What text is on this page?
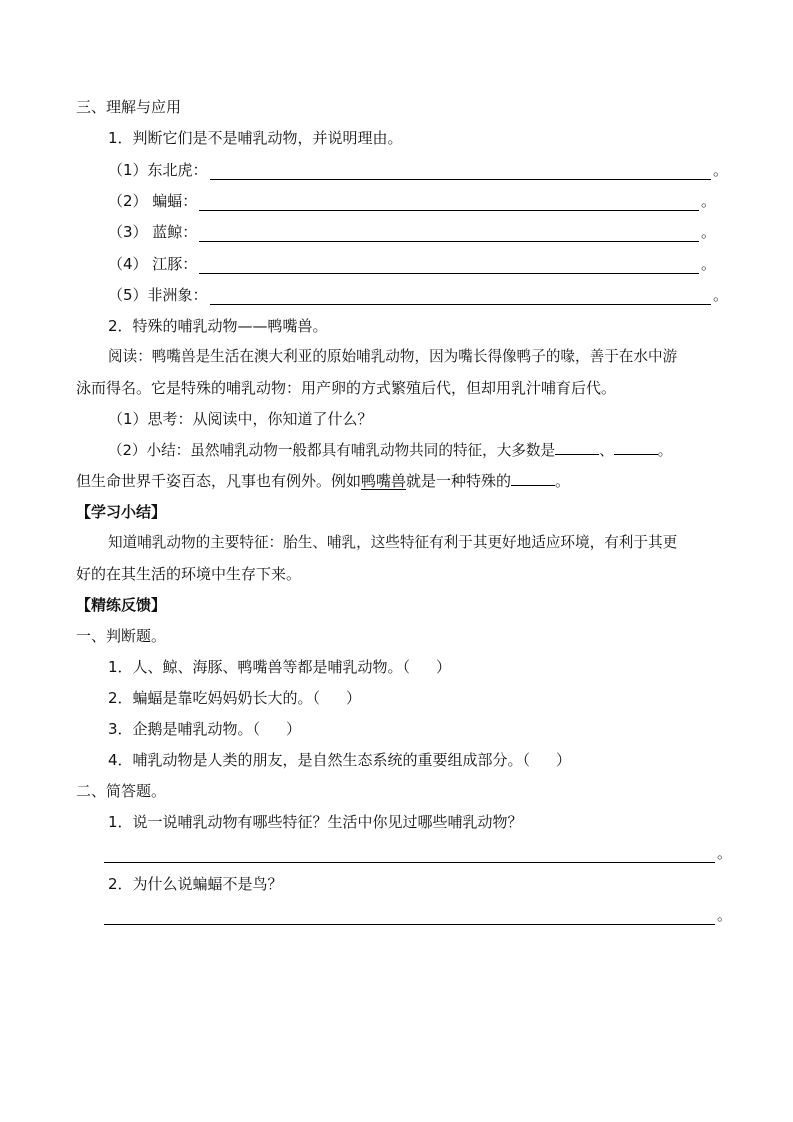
三、理解与应用
1．判断它们是不是哺乳动物，并说明理由。
（1）东北虎：	。
（2） 蝙蝠：	。
（3） 蓝鲸：	。
（4） 江豚：	。
（5）非洲象：	。
2．特殊的哺乳动物——鸭嘴兽。
阅读：鸭嘴兽是生活在澳大利亚的原始哺乳动物，因为嘴长得像鸭子的喙，善于在水中游
泳而得名。它是特殊的哺乳动物：用产卵的方式繁殖后代，但却用乳汁哺育后代。
（1）思考：从阅读中，你知道了什么？
（2）小结：虽然哺乳动物一般都具有哺乳动物共同的特征，大多数是	、	。
但生命世界千姿百态，凡事也有例外。例如鸭嘴兽就是一种特殊的	。
【学习小结】
知道哺乳动物的主要特征：胎生、哺乳，这些特征有利于其更好地适应环境，有利于其更
好的在其生活的环境中生存下来。
【精练反馈】
一、判断题。
1．人、鲸、海豚、鸭嘴兽等都是哺乳动物。（ ）
2．蝙蝠是靠吃妈妈奶长大的。（ ）
3．企鹅是哺乳动物。（ ）
4．哺乳动物是人类的朋友，是自然生态系统的重要组成部分。（ ）
二、简答题。
1．说一说哺乳动物有哪些特征？生活中你见过哪些哺乳动物？
。
2．为什么说蝙蝠不是鸟？
。
